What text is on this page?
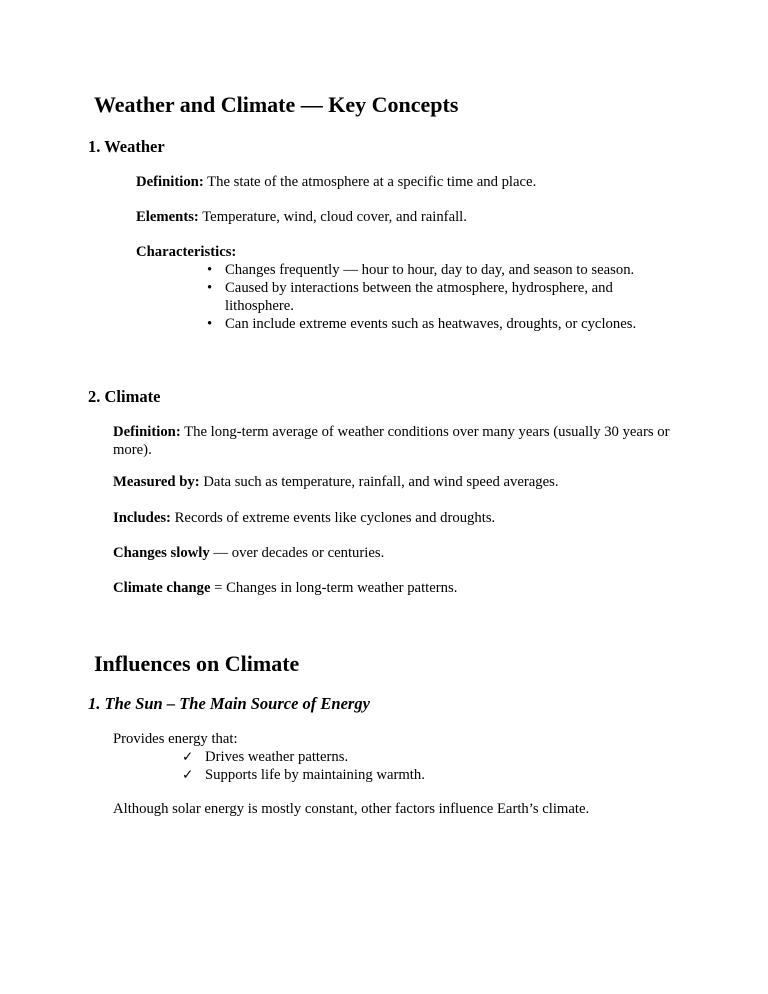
Weather and Climate — Key Concepts
1. Weather

Definition: The state of the atmosphere at a specific time and place.

Elements: Temperature, wind, cloud cover, and rainfall.

Characteristics:

• Changes frequently — hour to hour, day to day, and season to season.
• Caused by interactions between the atmosphere, hydrosphere, and lithosphere.
• Can include extreme events such as heatwaves, droughts, or cyclones.
2. Climate

Definition: The long-term average of weather conditions over many years (usually 30 years or more).

Measured by: Data such as temperature, rainfall, and wind speed averages.

Includes: Records of extreme events like cyclones and droughts.

Changes slowly — over decades or centuries.

Climate change = Changes in long-term weather patterns.

Influences on Climate
1. The Sun – The Main Source of Energy

Provides energy that:

✓ Drives weather patterns.
✓ Supports life by maintaining warmth.

Although solar energy is mostly constant, other factors influence Earth’s climate.
